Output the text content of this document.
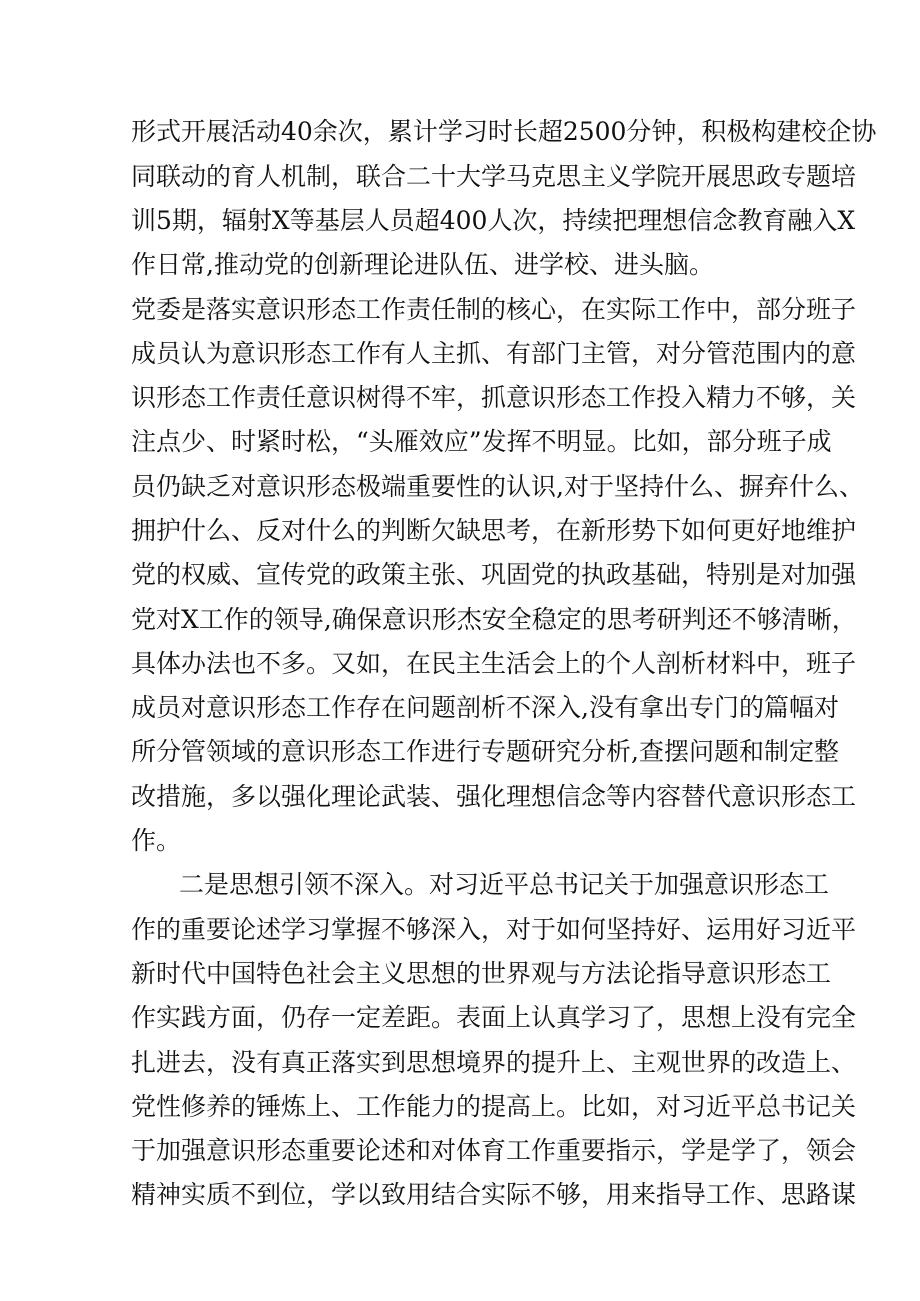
形式开展活动40余次，累计学习时长超2500分钟，积极构建校企协
同联动的育人机制，联合二十大学马克思主义学院开展思政专题培
训5期，辐射X等基层人员超400人次，持续把理想信念教育融入X
作日常,推动党的创新理论进队伍、进学校、进头脑。
党委是落实意识形态工作责任制的核心，在实际工作中，部分班子
成员认为意识形态工作有人主抓、有部门主管，对分管范围内的意
识形态工作责任意识树得不牢，抓意识形态工作投入精力不够，关
注点少、时紧时松，“头雁效应”发挥不明显。比如，部分班子成
员仍缺乏对意识形态极端重要性的认识,对于坚持什么、摒弃什么、
拥护什么、反对什么的判断欠缺思考，在新形势下如何更好地维护
党的权威、宣传党的政策主张、巩固党的执政基础，特别是对加强
党对X工作的领导,确保意识形杰安全稳定的思考研判还不够清晰，
具体办法也不多。又如，在民主生活会上的个人剖析材料中，班子
成员对意识形态工作存在问题剖析不深入,没有拿出专门的篇幅对
所分管领域的意识形态工作进行专题研究分析,查摆问题和制定整
改措施，多以强化理论武装、强化理想信念等内容替代意识形态工
作。
二是思想引领不深入。对习近平总书记关于加强意识形态工
作的重要论述学习掌握不够深入，对于如何坚持好、运用好习近平
新时代中国特色社会主义思想的世界观与方法论指导意识形态工
作实践方面，仍存一定差距。表面上认真学习了，思想上没有完全
扎进去，没有真正落实到思想境界的提升上、主观世界的改造上、
党性修养的锤炼上、工作能力的提高上。比如，对习近平总书记关
于加强意识形态重要论述和对体育工作重要指示，学是学了，领会
精神实质不到位，学以致用结合实际不够，用来指导工作、思路谋
